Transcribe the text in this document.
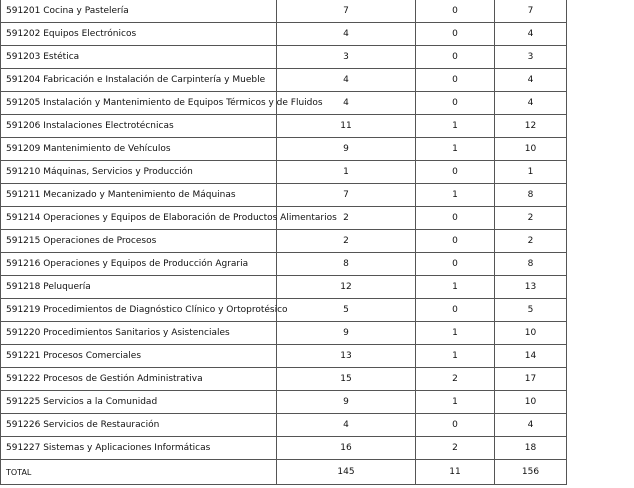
591201 Cocina y Pastelería	7	0	7
591202 Equipos Electrónicos	4	0	4
591203 Estética	3	0	3
591204 Fabricación e Instalación de Carpintería y Mueble	4	0	4
591205 Instalación y Mantenimiento de Equipos Térmicos y de Fluidos	4	0	4
591206 Instalaciones Electrotécnicas	11	1	12
591209 Mantenimiento de Vehículos	9	1	10
591210 Máquinas, Servicios y Producción	1	0	1
591211 Mecanizado y Mantenimiento de Máquinas	7	1	8
591214 Operaciones y Equipos de Elaboración de Productos Alimentarios	2	0	2
591215 Operaciones de Procesos	2	0	2
591216 Operaciones y Equipos de Producción Agraria	8	0	8
591218 Peluquería	12	1	13
591219 Procedimientos de Diagnóstico Clínico y Ortoprotésico	5	0	5
591220 Procedimientos Sanitarios y Asistenciales	9	1	10
591221 Procesos Comerciales	13	1	14
591222 Procesos de Gestión Administrativa	15	2	17
591225 Servicios a la Comunidad	9	1	10
591226 Servicios de Restauración	4	0	4
591227 Sistemas y Aplicaciones Informáticas	16	2	18
TOTAL	145	11	156
